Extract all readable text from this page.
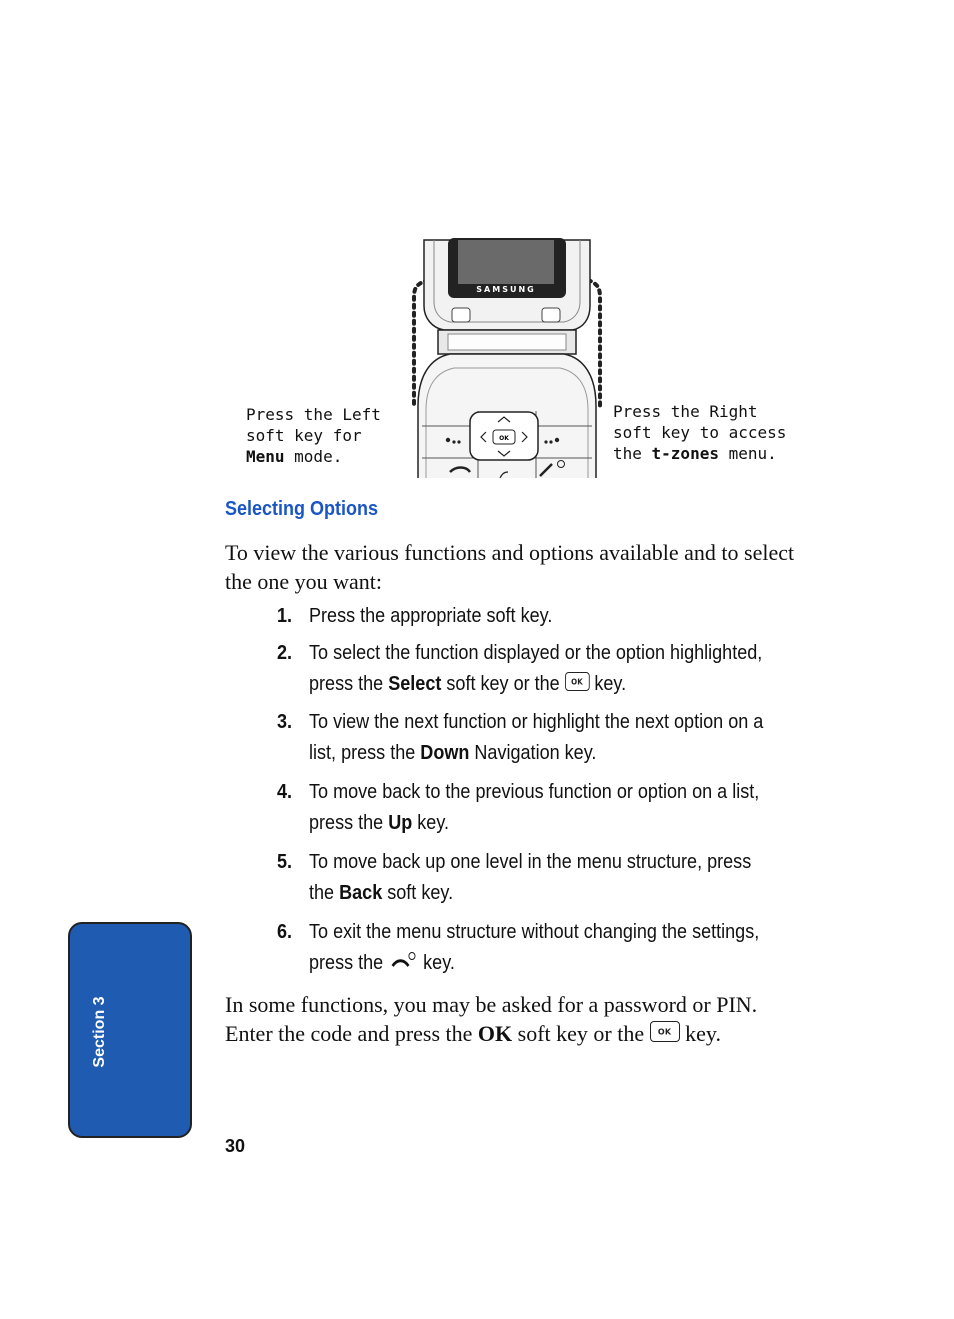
SAMSUNG
OK
Press the Left
soft key for
Menu mode.
Press the Right
soft key to access
the t-zones menu.
Selecting Options
To view the various functions and options available and to select the one you want:
1. Press the appropriate soft key.
2. To select the function displayed or the option highlighted, press the Select soft key or the OK key.
3. To view the next function or highlight the next option on a list, press the Down Navigation key.
4. To move back to the previous function or option on a list, press the Up key.
5. To move back up one level in the menu structure, press the Back soft key.
6. To exit the menu structure without changing the settings, press the  key.
In some functions, you may be asked for a password or PIN. Enter the code and press the OK soft key or the OK key.
Section 3
30
